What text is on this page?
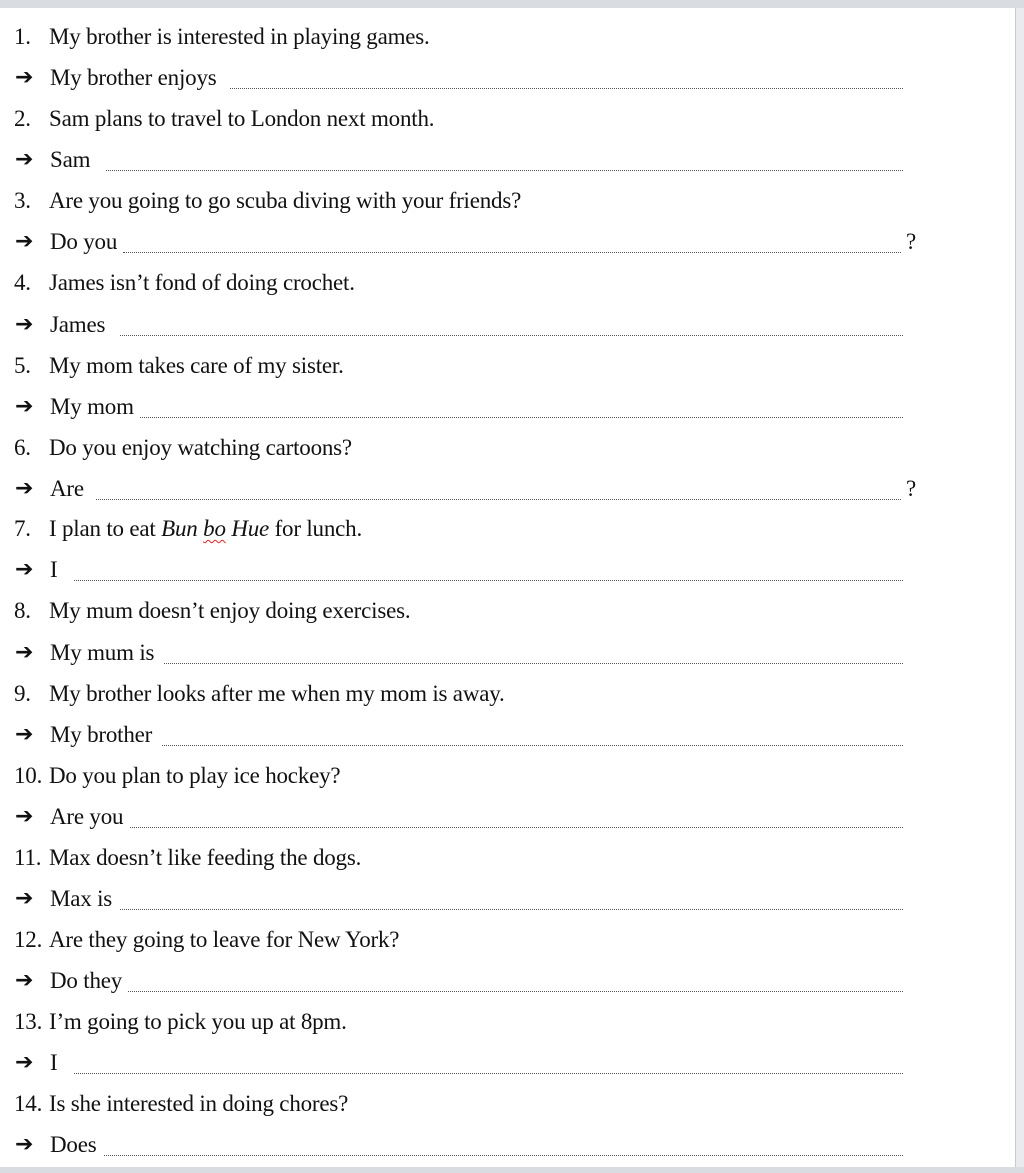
1. My brother is interested in playing games.
➔ My brother enjoys
2. Sam plans to travel to London next month.
➔ Sam
3. Are you going to go scuba diving with your friends?
➔ Do you	?
4. James isn’t fond of doing crochet.
➔ James
5. My mom takes care of my sister.
➔ My mom
6. Do you enjoy watching cartoons?
➔ Are	?
7. I plan to eat Bun bo Hue for lunch.
➔ I
8. My mum doesn’t enjoy doing exercises.
➔ My mum is
9. My brother looks after me when my mom is away.
➔ My brother
10. Do you plan to play ice hockey?
➔ Are you
11. Max doesn’t like feeding the dogs.
➔ Max is
12. Are they going to leave for New York?
➔ Do they
13. I’m going to pick you up at 8pm.
➔ I
14. Is she interested in doing chores?
➔ Does
